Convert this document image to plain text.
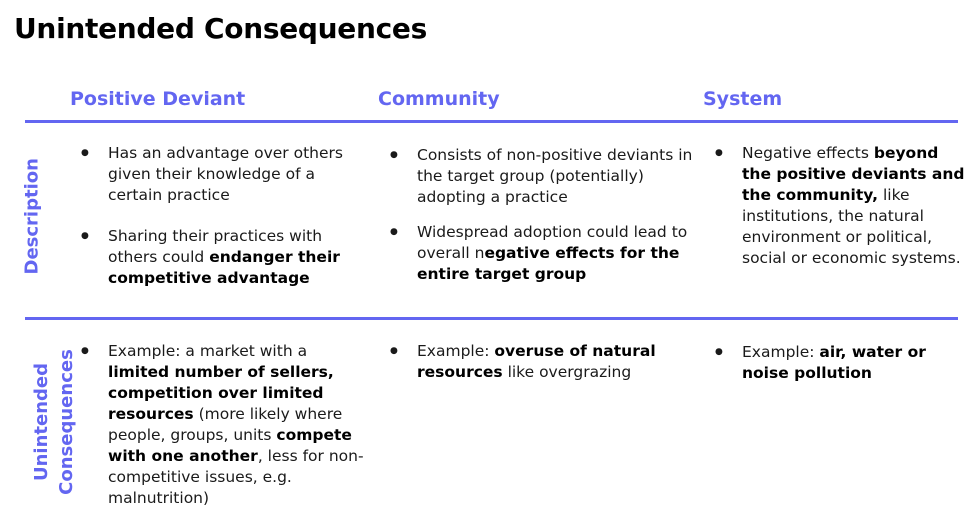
Unintended Consequences
Positive Deviant	Community	System
Description
Unintended Consequences
● Has an advantage over others given their knowledge of a certain practice
● Sharing their practices with others could endanger their competitive advantage
● Consists of non-positive deviants in the target group (potentially) adopting a practice
● Widespread adoption could lead to overall negative effects for the entire target group
● Negative effects beyond the positive deviants and the community, like institutions, the natural environment or political, social or economic systems.
● Example: a market with a limited number of sellers, competition over limited resources (more likely where people, groups, units compete with one another, less for non-competitive issues, e.g. malnutrition)
● Example: overuse of natural resources like overgrazing
● Example: air, water or noise pollution
